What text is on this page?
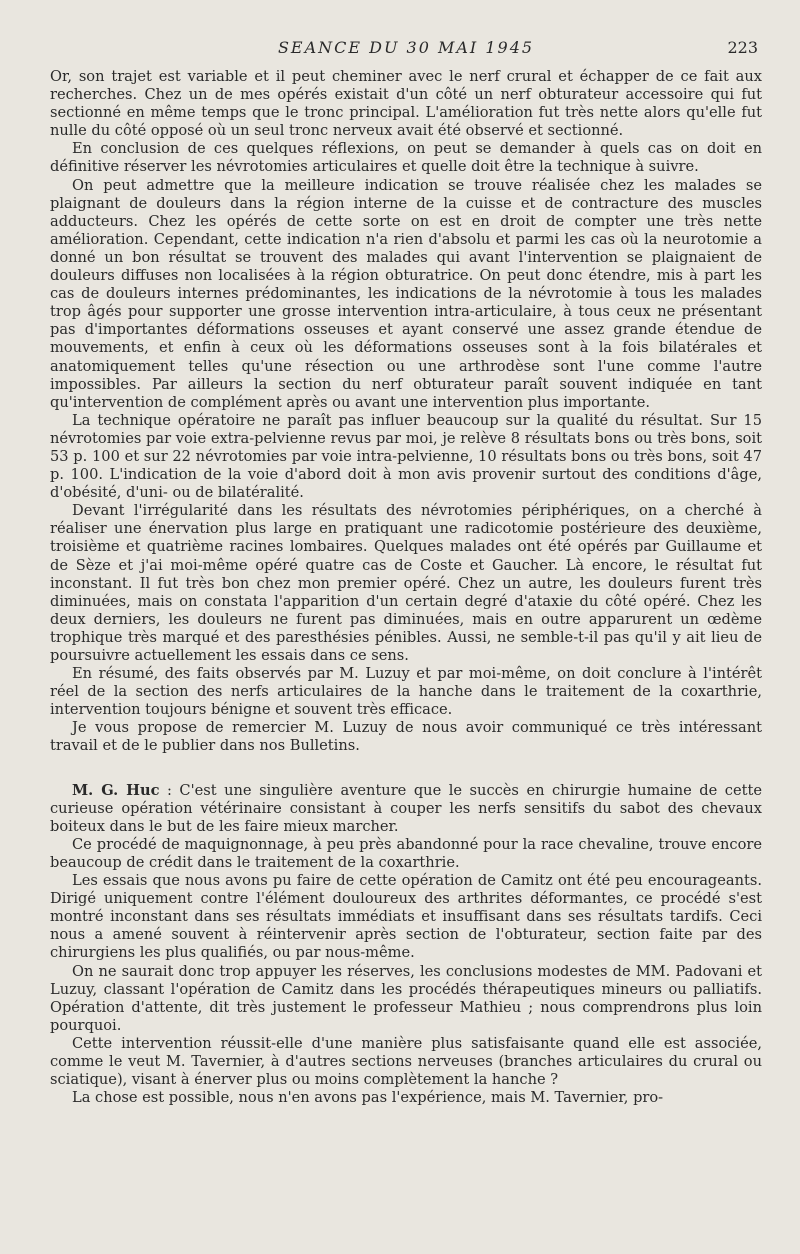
SEANCE DU 30 MAI 1945	223

Or, son trajet est variable et il peut cheminer avec le nerf crural et échapper de ce fait aux recherches. Chez un de mes opérés existait d'un côté un nerf obturateur accessoire qui fut sectionné en même temps que le tronc principal. L'amélioration fut très nette alors qu'elle fut nulle du côté opposé où un seul tronc nerveux avait été observé et sectionné.

En conclusion de ces quelques réflexions, on peut se demander à quels cas on doit en définitive réserver les névrotomies articulaires et quelle doit être la technique à suivre.

On peut admettre que la meilleure indication se trouve réalisée chez les malades se plaignant de douleurs dans la région interne de la cuisse et de contracture des muscles adducteurs. Chez les opérés de cette sorte on est en droit de compter une très nette amélioration. Cependant, cette indication n'a rien d'absolu et parmi les cas où la neurotomie a donné un bon résultat se trouvent des malades qui avant l'intervention se plaignaient de douleurs diffuses non localisées à la région obturatrice. On peut donc étendre, mis à part les cas de douleurs internes prédominantes, les indications de la névrotomie à tous les malades trop âgés pour supporter une grosse intervention intra-articulaire, à tous ceux ne présentant pas d'importantes déformations osseuses et ayant conservé une assez grande étendue de mouvements, et enfin à ceux où les déformations osseuses sont à la fois bilatérales et anatomiquement telles qu'une résection ou une arthrodèse sont l'une comme l'autre impossibles. Par ailleurs la section du nerf obturateur paraît souvent indiquée en tant qu'intervention de complément après ou avant une intervention plus importante.

La technique opératoire ne paraît pas influer beaucoup sur la qualité du résultat. Sur 15 névrotomies par voie extra-pelvienne revus par moi, je relève 8 résultats bons ou très bons, soit 53 p. 100 et sur 22 névrotomies par voie intra-pelvienne, 10 résultats bons ou très bons, soit 47 p. 100. L'indication de la voie d'abord doit à mon avis provenir surtout des conditions d'âge, d'obésité, d'uni- ou de bilatéralité.

Devant l'irrégularité dans les résultats des névrotomies périphériques, on a cherché à réaliser une énervation plus large en pratiquant une radicotomie postérieure des deuxième, troisième et quatrième racines lombaires. Quelques malades ont été opérés par Guillaume et de Sèze et j'ai moi-même opéré quatre cas de Coste et Gaucher. Là encore, le résultat fut inconstant. Il fut très bon chez mon premier opéré. Chez un autre, les douleurs furent très diminuées, mais on constata l'apparition d'un certain degré d'ataxie du côté opéré. Chez les deux derniers, les douleurs ne furent pas diminuées, mais en outre apparurent un œdème trophique très marqué et des paresthésies pénibles. Aussi, ne semble-t-il pas qu'il y ait lieu de poursuivre actuellement les essais dans ce sens.

En résumé, des faits observés par M. Luzuy et par moi-même, on doit conclure à l'intérêt réel de la section des nerfs articulaires de la hanche dans le traitement de la coxarthrie, intervention toujours bénigne et souvent très efficace.

Je vous propose de remercier M. Luzuy de nous avoir communiqué ce très intéressant travail et de le publier dans nos Bulletins.

M. G. Huc : C'est une singulière aventure que le succès en chirurgie humaine de cette curieuse opération vétérinaire consistant à couper les nerfs sensitifs du sabot des chevaux boiteux dans le but de les faire mieux marcher.

Ce procédé de maquignonnage, à peu près abandonné pour la race chevaline, trouve encore beaucoup de crédit dans le traitement de la coxarthrie.

Les essais que nous avons pu faire de cette opération de Camitz ont été peu encourageants. Dirigé uniquement contre l'élément douloureux des arthrites déformantes, ce procédé s'est montré inconstant dans ses résultats immédiats et insuffisant dans ses résultats tardifs. Ceci nous a amené souvent à réintervenir après section de l'obturateur, section faite par des chirurgiens les plus qualifiés, ou par nous-même.

On ne saurait donc trop appuyer les réserves, les conclusions modestes de MM. Padovani et Luzuy, classant l'opération de Camitz dans les procédés thérapeutiques mineurs ou palliatifs. Opération d'attente, dit très justement le professeur Mathieu ; nous comprendrons plus loin pourquoi.

Cette intervention réussit-elle d'une manière plus satisfaisante quand elle est associée, comme le veut M. Tavernier, à d'autres sections nerveuses (branches articulaires du crural ou sciatique), visant à énerver plus ou moins complètement la hanche ?

La chose est possible, nous n'en avons pas l'expérience, mais M. Tavernier, pro-
